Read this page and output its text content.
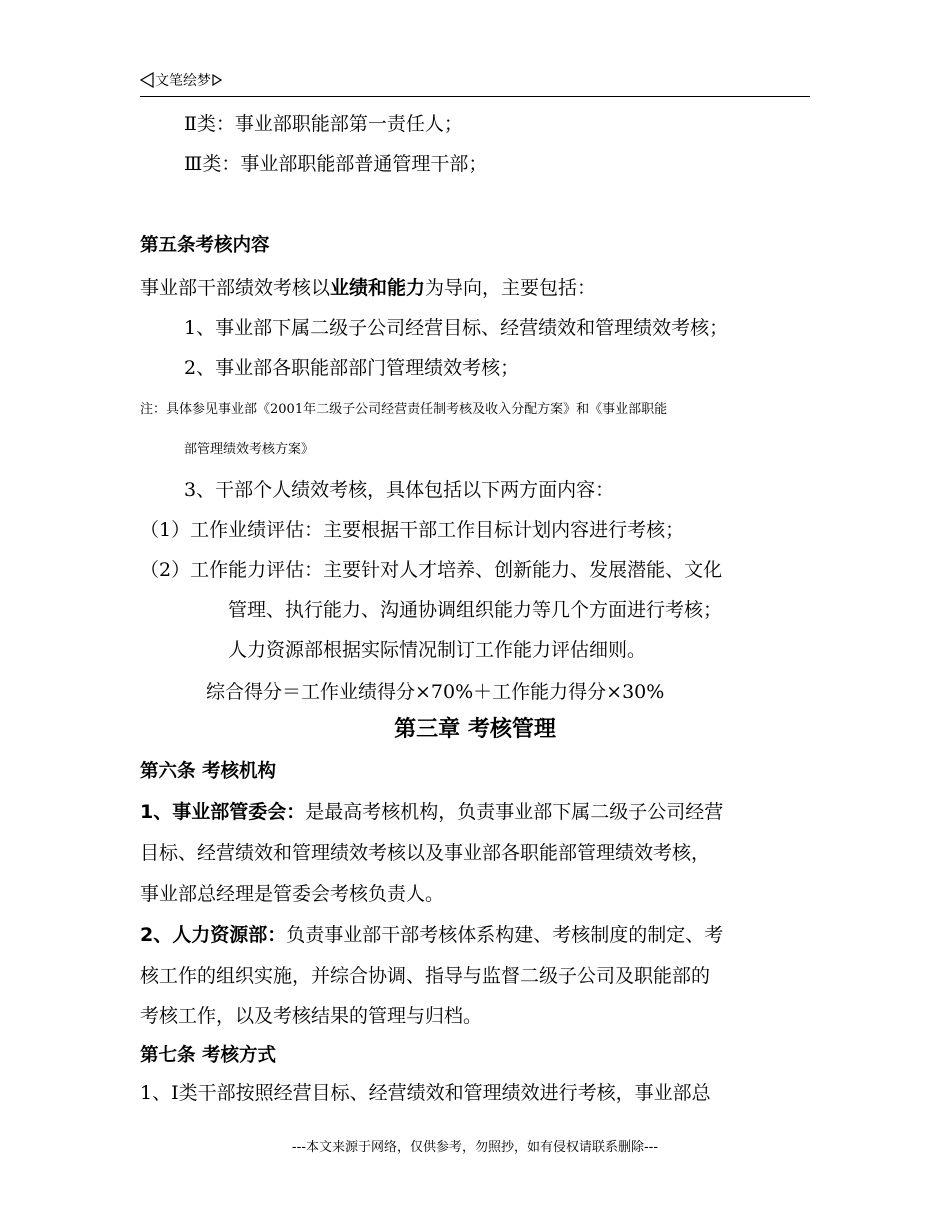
文笔绘梦
Ⅱ类：事业部职能部第一责任人；
Ⅲ类：事业部职能部普通管理干部；
第五条考核内容
事业部干部绩效考核以业绩和能力为导向，主要包括：
1、事业部下属二级子公司经营目标、经营绩效和管理绩效考核；
2、事业部各职能部部门管理绩效考核；
注：具体参见事业部《2001年二级子公司经营责任制考核及收入分配方案》和《事业部职能
部管理绩效考核方案》
3、干部个人绩效考核，具体包括以下两方面内容：
（1）工作业绩评估：主要根据干部工作目标计划内容进行考核；
（2）工作能力评估：主要针对人才培养、创新能力、发展潜能、文化
管理、执行能力、沟通协调组织能力等几个方面进行考核；
人力资源部根据实际情况制订工作能力评估细则。
综合得分＝工作业绩得分×70%＋工作能力得分×30%
第三章 考核管理
第六条 考核机构
1、事业部管委会：是最高考核机构，负责事业部下属二级子公司经营
目标、经营绩效和管理绩效考核以及事业部各职能部管理绩效考核，
事业部总经理是管委会考核负责人。
2、人力资源部：负责事业部干部考核体系构建、考核制度的制定、考
核工作的组织实施，并综合协调、指导与监督二级子公司及职能部的
考核工作，以及考核结果的管理与归档。
第七条 考核方式
1、Ⅰ类干部按照经营目标、经营绩效和管理绩效进行考核，事业部总
---本文来源于网络，仅供参考，勿照抄，如有侵权请联系删除---
